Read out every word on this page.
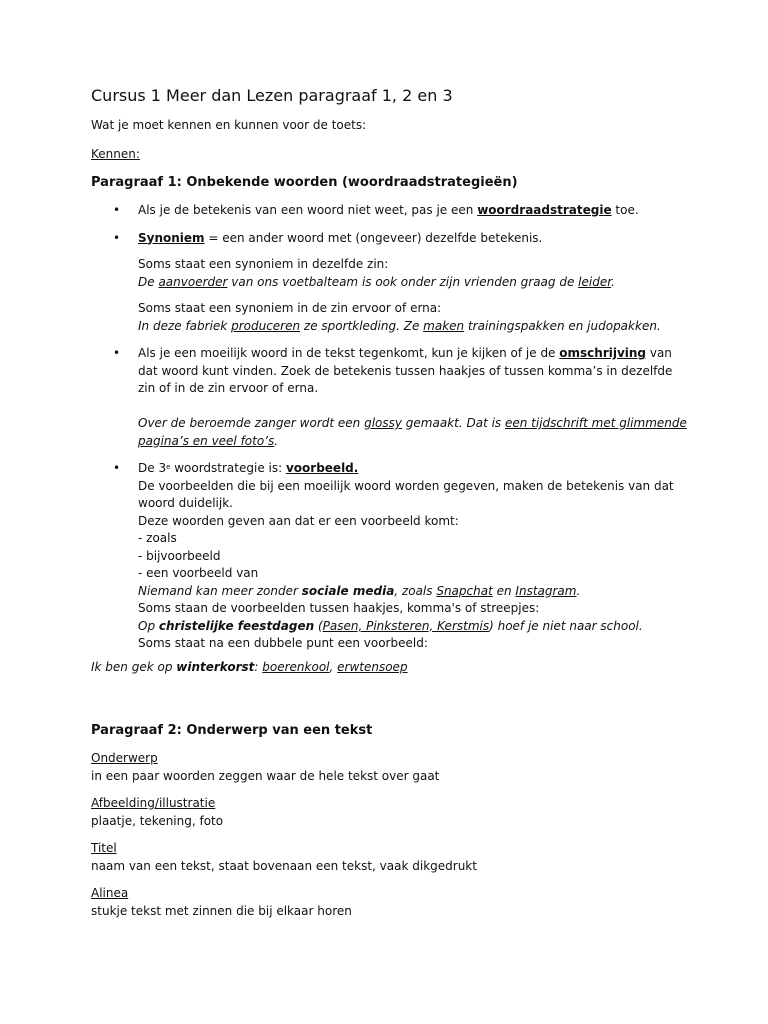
Cursus 1 Meer dan Lezen paragraaf 1, 2 en 3

Wat je moet kennen en kunnen voor de toets:

Kennen:

Paragraaf 1: Onbekende woorden (woordraadstrategieën)
• Als je de betekenis van een woord niet weet, pas je een woordraadstrategie toe.

• Synoniem = een ander woord met (ongeveer) dezelfde betekenis.

Soms staat een synoniem in dezelfde zin:

De aanvoerder van ons voetbalteam is ook onder zijn vrienden graag de leider.

Soms staat een synoniem in de zin ervoor of erna:

In deze fabriek produceren ze sportkleding. Ze maken trainingspakken en judopakken.

• Als je een moeilijk woord in de tekst tegenkomt, kun je kijken of je de omschrijving van dat woord kunt vinden. Zoek de betekenis tussen haakjes of tussen komma’s in dezelfde zin of in de zin ervoor of erna.

Over de beroemde zanger wordt een glossy gemaakt. Dat is een tijdschrift met glimmende pagina’s en veel foto’s.

• De 3e woordstrategie is: voorbeeld.

De voorbeelden die bij een moeilijk woord worden gegeven, maken de betekenis van dat woord duidelijk.

Deze woorden geven aan dat er een voorbeeld komt:

- zoals

- bijvoorbeeld

- een voorbeeld van

Niemand kan meer zonder sociale media, zoals Snapchat en Instagram.

Soms staan de voorbeelden tussen haakjes, komma's of streepjes:

Op christelijke feestdagen (Pasen, Pinksteren, Kerstmis) hoef je niet naar school.

Soms staat na een dubbele punt een voorbeeld:

Ik ben gek op winterkorst: boerenkool, erwtensoep

Paragraaf 2: Onderwerp van een tekst

Onderwerp

in een paar woorden zeggen waar de hele tekst over gaat

Afbeelding/illustratie

plaatje, tekening, foto

Titel

naam van een tekst, staat bovenaan een tekst, vaak dikgedrukt

Alinea

stukje tekst met zinnen die bij elkaar horen
